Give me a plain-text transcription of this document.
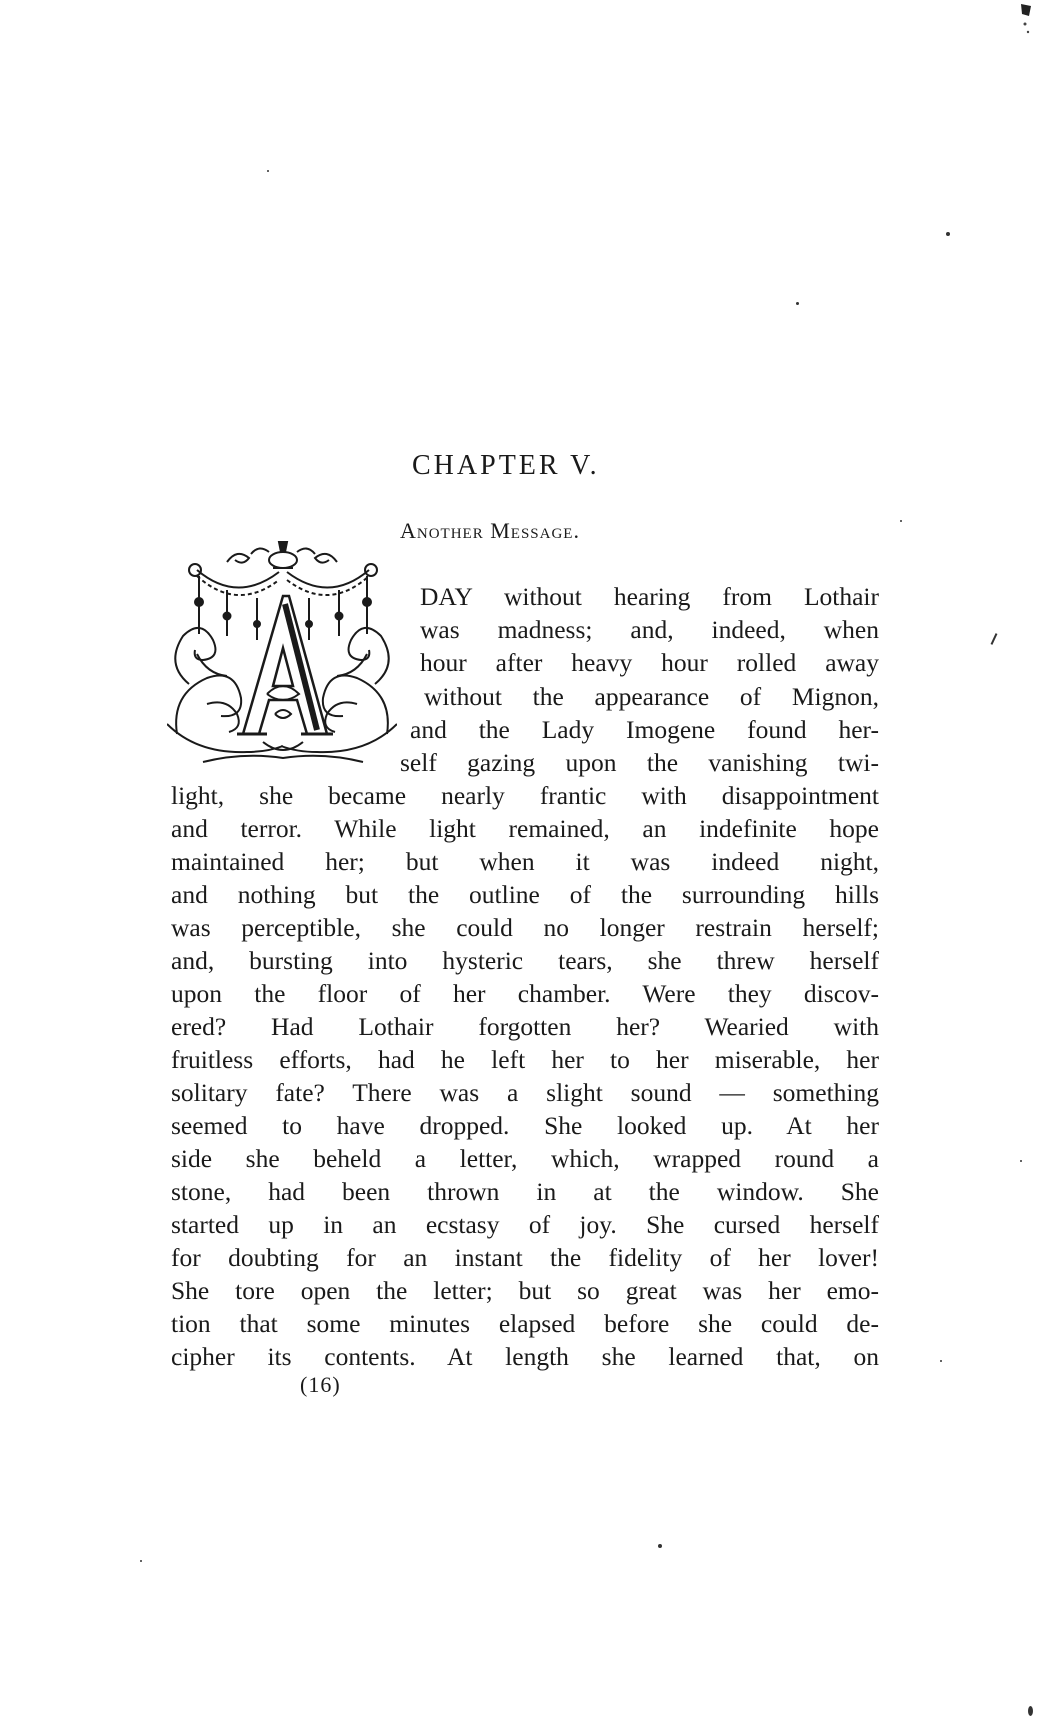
CHAPTER V.
Another Message.
DAY without hearing from Lothair
was madness; and, indeed, when
hour after heavy hour rolled away
without the appearance of Mignon,
and the Lady Imogene found her-
self gazing upon the vanishing twi-
light, she became nearly frantic with disappointment
and terror. While light remained, an indefinite hope
maintained her; but when it was indeed night,
and nothing but the outline of the surrounding hills
was perceptible, she could no longer restrain herself;
and, bursting into hysteric tears, she threw herself
upon the floor of her chamber. Were they discov-
ered? Had Lothair forgotten her? Wearied with
fruitless efforts, had he left her to her miserable, her
solitary fate? There was a slight sound — something
seemed to have dropped. She looked up. At her
side she beheld a letter, which, wrapped round a
stone, had been thrown in at the window. She
started up in an ecstasy of joy. She cursed herself
for doubting for an instant the fidelity of her lover!
She tore open the letter; but so great was her emo-
tion that some minutes elapsed before she could de-
cipher its contents. At length she learned that, on
(16)
